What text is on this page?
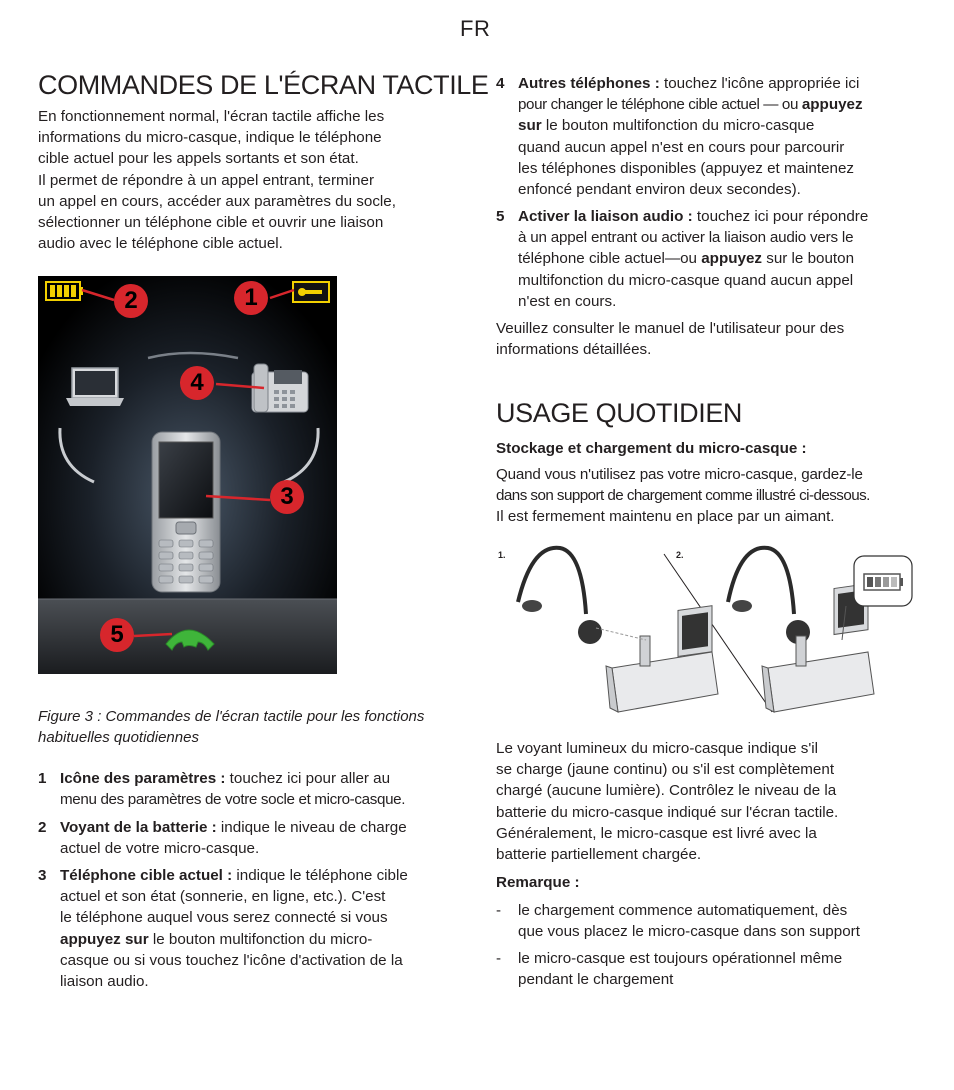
FR
COMMANDES DE L'ÉCRAN TACTILE
En fonctionnement normal, l'écran tactile affiche les
informations du micro-casque, indique le téléphone
cible actuel pour les appels sortants et son état.
Il permet de répondre à un appel entrant, terminer
un appel en cours, accéder aux paramètres du socle,
sélectionner un téléphone cible et ouvrir une liaison
audio avec le téléphone cible actuel.
2	1
4
3
5
Figure 3 : Commandes de l'écran tactile pour les fonctions
habituelles quotidiennes
1 Icône des paramètres : touchez ici pour aller au
menu des paramètres de votre socle et micro-casque.
2 Voyant de la batterie : indique le niveau de charge
actuel de votre micro-casque.
3 Téléphone cible actuel : indique le téléphone cible
actuel et son état (sonnerie, en ligne, etc.). C'est
le téléphone auquel vous serez connecté si vous
appuyez sur le bouton multifonction du micro-
casque ou si vous touchez l'icône d'activation de la
liaison audio.
4 Autres téléphones : touchez l'icône appropriée ici
pour changer le téléphone cible actuel — ou appuyez
sur le bouton multifonction du micro-casque
quand aucun appel n'est en cours pour parcourir
les téléphones disponibles (appuyez et maintenez
enfoncé pendant environ deux secondes).
5 Activer la liaison audio : touchez ici pour répondre
à un appel entrant ou activer la liaison audio vers le
téléphone cible actuel—ou appuyez sur le bouton
multifonction du micro-casque quand aucun appel
n'est en cours.
Veuillez consulter le manuel de l'utilisateur pour des
informations détaillées.
USAGE QUOTIDIEN
Stockage et chargement du micro-casque :
Quand vous n'utilisez pas votre micro-casque, gardez-le
dans son support de chargement comme illustré ci-dessous.
Il est fermement maintenu en place par un aimant.
1.	2.
Le voyant lumineux du micro-casque indique s'il
se charge (jaune continu) ou s'il est complètement
chargé (aucune lumière). Contrôlez le niveau de la
batterie du micro-casque indiqué sur l'écran tactile.
Généralement, le micro-casque est livré avec la
batterie partiellement chargée.
Remarque :
- le chargement commence automatiquement, dès
que vous placez le micro-casque dans son support
- le micro-casque est toujours opérationnel même
pendant le chargement
